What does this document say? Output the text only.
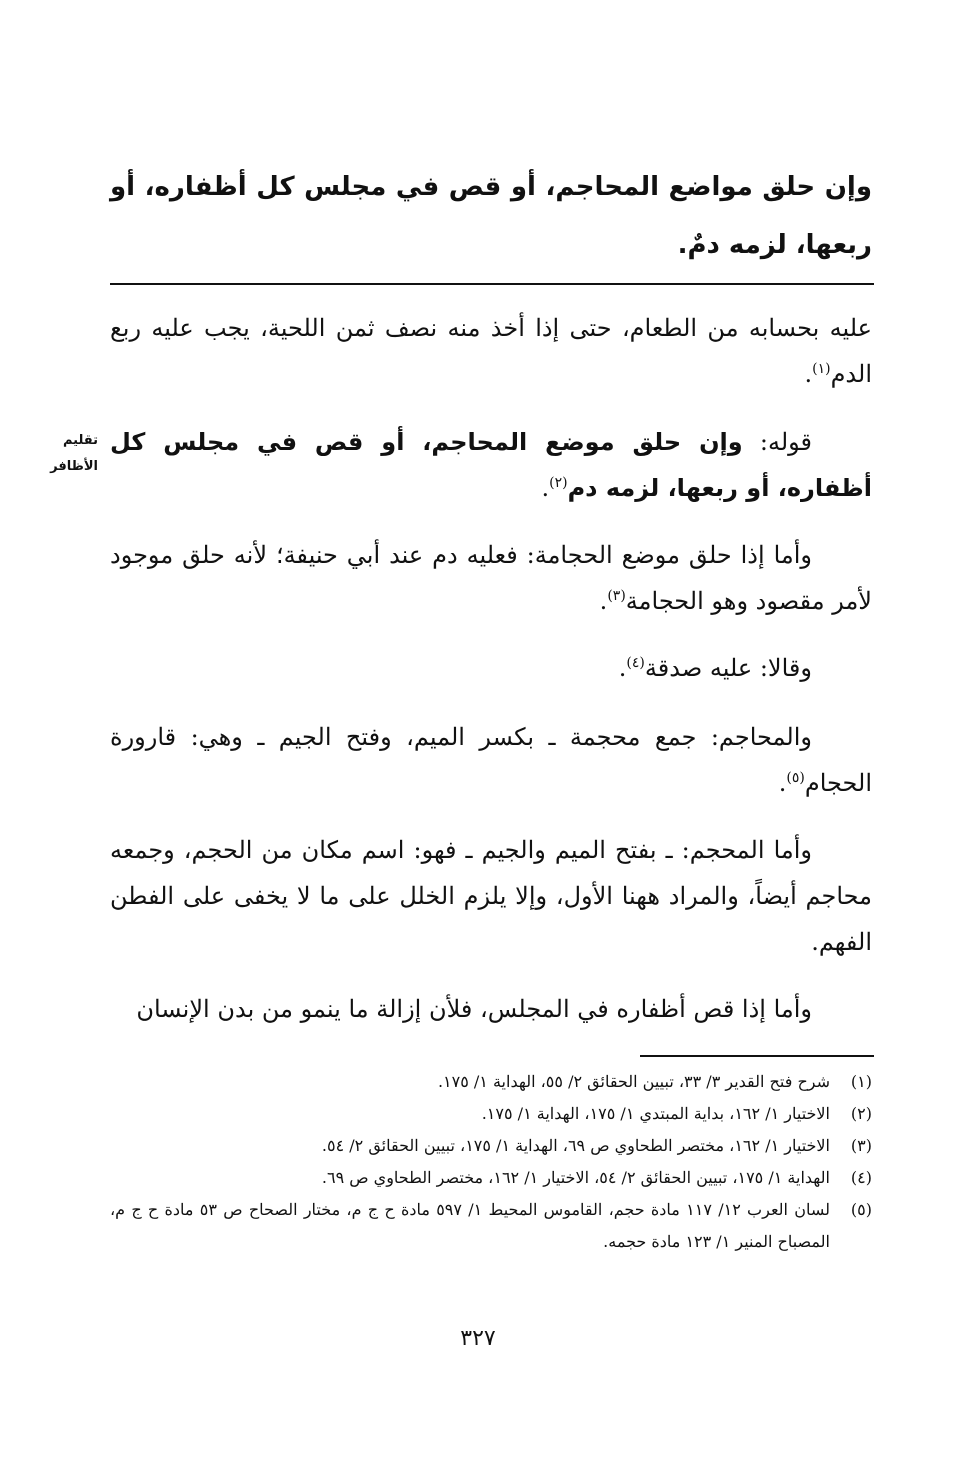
وإن حلق مواضع المحاجم، أو قص في مجلس كل أظفاره، أو ربعها، لزمه دمٌ.

عليه بحسابه من الطعام، حتى إذا أخذ منه نصف ثمن اللحية، يجب عليه ربع الدم$^{(١)}$.

قوله: وإن حلق موضع المحاجم، أو قص في مجلس كل أظفاره، أو ربعها، لزمه دم$^{(٢)}$.

تقليم
الأظافر

وأما إذا حلق موضع الحجامة: فعليه دم عند أبي حنيفة؛ لأنه حلق موجود لأمر مقصود وهو الحجامة$^{(٣)}$.

وقالا: عليه صدقة$^{(٤)}$.

والمحاجم: جمع محجمة ـ بكسر الميم، وفتح الجيم ـ وهي: قارورة الحجام$^{(٥)}$.

وأما المحجم: ـ بفتح الميم والجيم ـ فهو: اسم مكان من الحجم، وجمعه محاجم أيضاً، والمراد ههنا الأول، وإلا يلزم الخلل على ما لا يخفى على الفطن الفهم.

وأما إذا قص أظفاره في المجلس، فلأن إزالة ما ينمو من بدن الإنسان

(١)
شرح فتح القدير ٣/ ٣٣، تبيين الحقائق ٢/ ٥٥، الهداية ١/ ١٧٥.
(٢)
الاختيار ١/ ١٦٢، بداية المبتدي ١/ ١٧٥، الهداية ١/ ١٧٥.
(٣)
الاختيار ١/ ١٦٢، مختصر الطحاوي ص ٦٩، الهداية ١/ ١٧٥، تبيين الحقائق ٢/ ٥٤.
(٤)
الهداية ١/ ١٧٥، تبيين الحقائق ٢/ ٥٤، الاختيار ١/ ١٦٢، مختصر الطحاوي ص ٦٩.
(٥)
لسان العرب ١٢/ ١١٧ مادة حجم، القاموس المحيط ١/ ٥٩٧ مادة ح ج م، مختار الصحاح ص ٥٣ مادة ح ج م، المصباح المنير ١/ ١٢٣ مادة حجمه.
٣٢٧
